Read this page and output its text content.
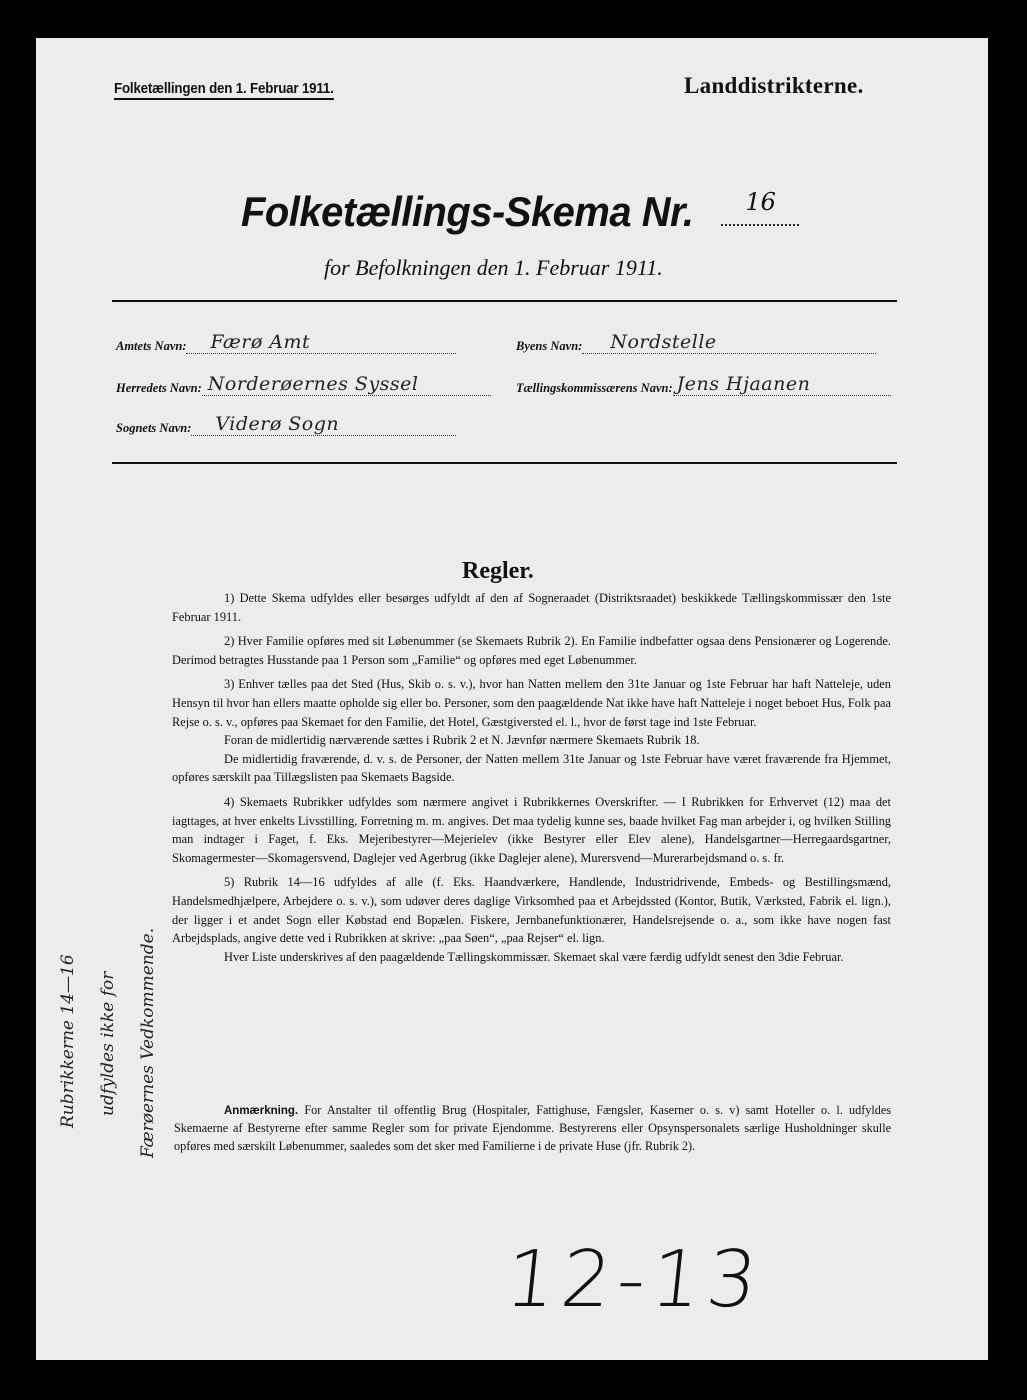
Folketællingen den 1. Februar 1911.	Landdistrikterne.
Folketællings-Skema Nr. 16
for Befolkningen den 1. Februar 1911.
Amtets Navn: Færø Amt	Byens Navn: Nordstelle
Herredets Navn: Norderøernes Syssel	Tællingskommissærens Navn: Jens Hjaanen
Sognets Navn: Viderø Sogn
Regler.

1) Dette Skema udfyldes eller besørges udfyldt af den af Sogneraadet (Distriktsraadet) beskikkede Tællingskommissær den 1ste Februar 1911.

2) Hver Familie opføres med sit Løbenummer (se Skemaets Rubrik 2). En Familie indbefatter ogsaa dens Pensionærer og Logerende. Derimod betragtes Husstande paa 1 Person som „Familie“ og opføres med eget Løbenummer.

3) Enhver tælles paa det Sted (Hus, Skib o. s. v.), hvor han Natten mellem den 31te Januar og 1ste Februar har haft Natteleje, uden Hensyn til hvor han ellers maatte opholde sig eller bo. Personer, som den paagældende Nat ikke have haft Natteleje i noget beboet Hus, Folk paa Rejse o. s. v., opføres paa Skemaet for den Familie, det Hotel, Gæstgiversted el. l., hvor de først tage ind 1ste Februar.

Foran de midlertidig nærværende sættes i Rubrik 2 et N. Jævnfør nærmere Skemaets Rubrik 18.

De midlertidig fraværende, d. v. s. de Personer, der Natten mellem 31te Januar og 1ste Februar have været fraværende fra Hjemmet, opføres særskilt paa Tillægslisten paa Skemaets Bagside.

4) Skemaets Rubrikker udfyldes som nærmere angivet i Rubrikkernes Overskrifter. — I Rubrikken for Erhvervet (12) maa det iagttages, at hver enkelts Livsstilling, Forretning m. m. angives. Det maa tydelig kunne ses, baade hvilket Fag man arbejder i, og hvilken Stilling man indtager i Faget, f. Eks. Mejeribestyrer—Mejerielev (ikke Bestyrer eller Elev alene), Handelsgartner—Herregaardsgartner, Skomagermester—Skomagersvend, Daglejer ved Agerbrug (ikke Daglejer alene), Murersvend—Murerarbejdsmand o. s. fr.

5) Rubrik 14—16 udfyldes af alle (f. Eks. Haandværkere, Handlende, Industridrivende, Embeds- og Bestillingsmænd, Handelsmedhjælpere, Arbejdere o. s. v.), som udøver deres daglige Virksomhed paa et Arbejdssted (Kontor, Butik, Værksted, Fabrik el. lign.), der ligger i et andet Sogn eller Købstad end Bopælen. Fiskere, Jernbanefunktionærer, Handelsrejsende o. a., som ikke have nogen fast Arbejdsplads, angive dette ved i Rubrikken at skrive: „paa Søen“, „paa Rejser“ el. lign.

Hver Liste underskrives af den paagældende Tællingskommissær. Skemaet skal være færdig udfyldt senest den 3die Februar.

Anmærkning. For Anstalter til offentlig Brug (Hospitaler, Fattighuse, Fængsler, Kaserner o. s. v) samt Hoteller o. l. udfyldes Skemaerne af Bestyrerne efter samme Regler som for private Ejendomme. Bestyrerens eller Opsynspersonalets særlige Husholdninger skulle opføres med særskilt Løbenummer, saaledes som det sker med Familierne i de private Huse (jfr. Rubrik 2).
Rubrikkerne 14—16 udfyldes ikke for Færøernes Vedkommende.
12-13
